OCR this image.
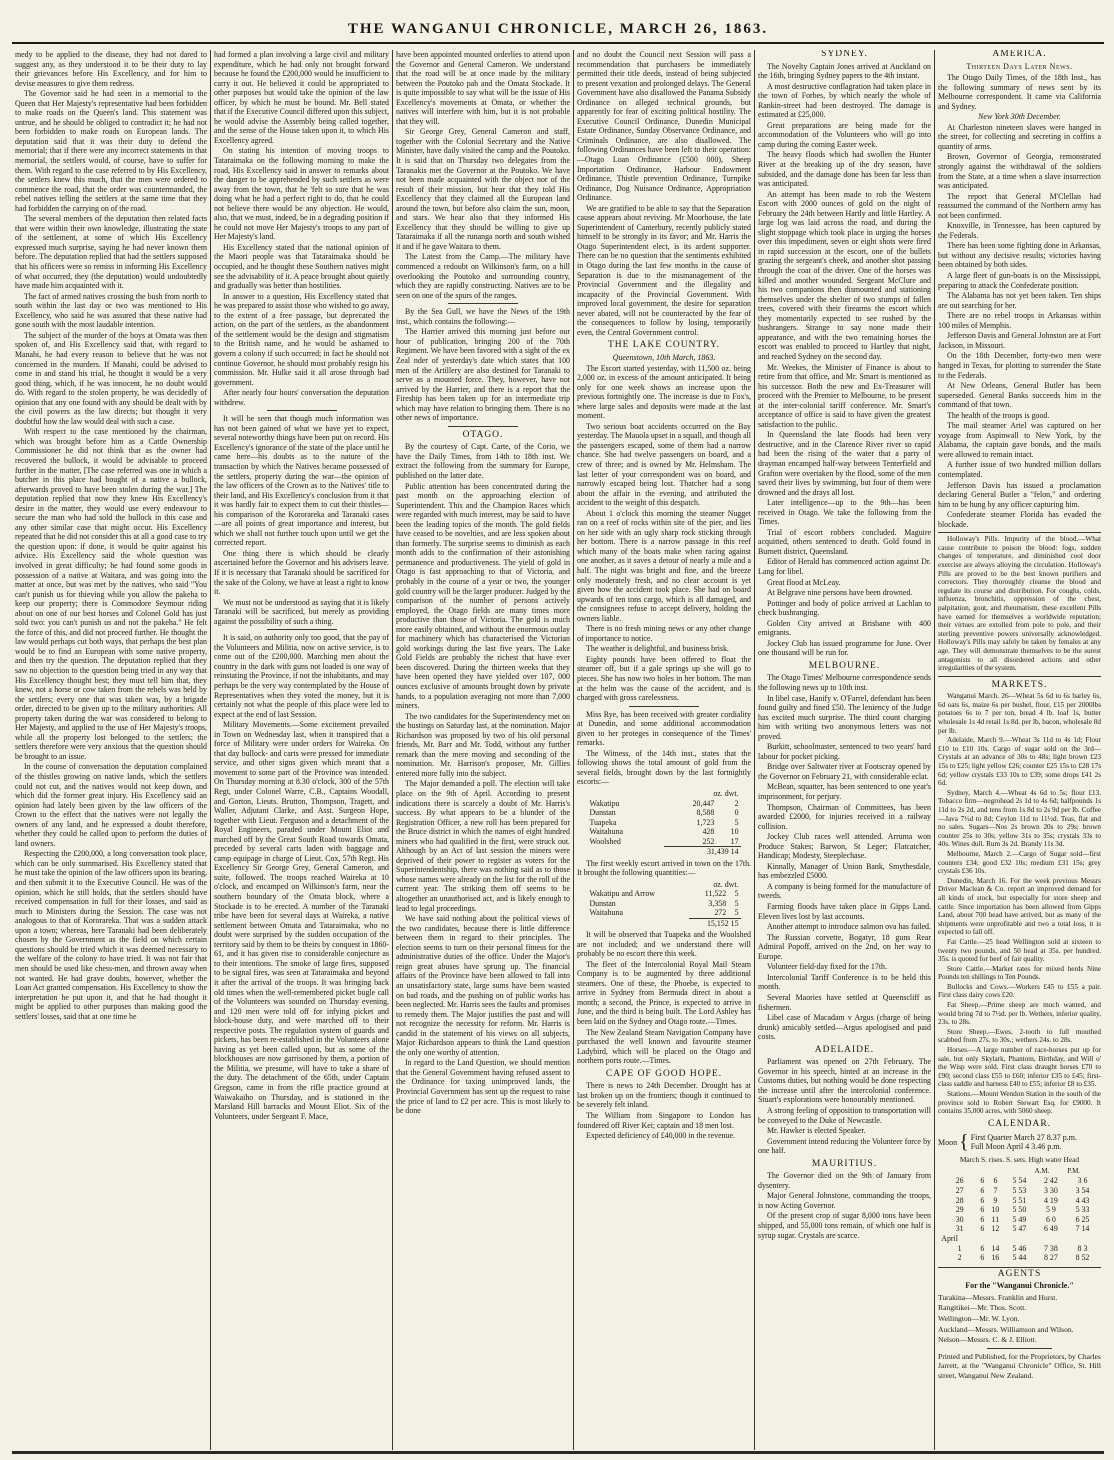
THE WANGANUI CHRONICLE, MARCH 26, 1863.

medy to be applied to the disease, they had not dared to suggest any, as they understood it to be their duty to lay their grievances before His Excellency, and for him to devise measures to give them redress.

The Governor said he had seen in a memorial to the Queen that Her Majesty's representative had been forbidden to make roads on the Queen's land. This statement was untrue, and he should be obliged to contradict it; he had not been forbidden to make roads on European lands. The deputation said that it was their duty to defend the memorial; that if there were any incorrect statements in that memorial, the settlers would, of course, have to suffer for them. With regard to the case referred to by His Excellency, the settlers knew this much, that the men were ordered to commence the road, that the order was countermanded, the rebel natives telling the settlers at the same time that they had forbidden the carrying on of the road.

The several members of the deputation then related facts that were within their own knowledge, illustrating the state of the settlement, at some of which His Excellency expressed much surprise, saying he had never known them before. The deputation replied that had the settlers supposed that his officers were so remiss in informing His Excellency of what occurred, they (the deputation) would undoubtedly have made him acquainted with it.

The fact of armed natives crossing the bush from north to south within the last day or two was mentioned to His Excellency, who said he was assured that these native had gone south with the most laudable intention.

The subject of the murder of the boys at Omata was then spoken of, and His Excellency said that, with regard to Manahi, he had every reason to believe that he was not concerned in the murders. If Manahi, could be advised to come in and stand his trial, he thought it would be a very good thing, which, if he was innocent, he no doubt would do. With regard to the stolen property, he was decidedly of opinion that any one found with any should be dealt with by the civil powers as the law directs; but thought it very doubtful how the law would deal with such a case.

With respect to the case mentioned by the chairman, which was brought before him as a Cattle Ownership Commissioner he did not think that as the owner had recovered the bullock, it would be advisable to proceed further in the matter, [The case referred was one in which a butcher in this place had bought of a native a bullock, afterwards proved to have been stolen during the war.] The deputation replied that now they knew His Excellency's desire in the matter, they would use every endeavour to secure the man who had sold the bullock in this case and any other similar case that might occur. His Excellency repeated that he did not consider this at all a good case to try the question upon: if done, it would be quite against his advice. His Excellency said the whole question was involved in great difficulty; he had found some goods in possession of a native at Waitara, and was going into the matter at once, but was met by the natives, who said "You can't punish us for thieving while you allow the pakeha to keep our property; there is Commodore Seymour riding about on one of our best horses and Colonel Gold has just sold two: you can't punish us and not the pakeha." He felt the force of this, and did not proceed further. He thought the law would perhaps cut both ways, that perhaps the best plan would be to find an European with some native property, and then try the question. The deputation replied that they saw no objection to the question being tried in any way that His Excellency thought best; they must tell him that, they knew, not a horse or cow taken from the rebels was held by the settlers; every one that was taken was, by a brigade order, directed to be given up to the military authorities. All property taken during the war was considered to belong to Her Majesty, and applied to the use of Her Majesty's troops, while all the property lost belonged to the settlers; the settlers therefore were very anxious that the question should be brought to an issue.

In the course of conversation the deputation complained of the thistles growing on native lands, which the settlers could not cut, and the natives would not keep down, and which did the former great injury. His Excellency said an opinion had lately been given by the law officers of the Crown to the effect that the natives were not legally the owners of any land, and he expressed a doubt therefore, whether they could be called upon to perform the duties of land owners.

Respecting the £200,000, a long conversation took place, which can be only summarised. His Excellency stated that he must take the opinion of the law officers upon its bearing, and then submit it to the Executive Council. He was of the opinion, which he still holds, that the settlers should have received compensation in full for their losses, and said as much to Ministers during the Session. The case was not analogous to that of Kororareka. That was a sudden attack upon a town; whereas, here Taranaki had been deliberately chosen by the Government as the field on which certain questions should be tried which it was deemed necessary to the welfare of the colony to have tried. It was not fair that men should be used like chess-men, and thrown away when not wanted. He had grave doubts, however, whether the Loan Act granted compensation. His Excellency to show the interpretation he put upon it, and that he had thought it might be applied to other purposes than making good the settlers' losses, said that at one time he

had formed a plan involving a large civil and military expenditure, which he had only not brought forward because he found the £200,000 would be insufficient to carry it out. He believed it could be appropriated to other purposes but would take the opinion of the law officer, by which he must be bound. Mr. Bell stated that if the Executive Council differed upon this subject, he would advise the Assembly being called together, and the sense of the House taken upon it, to which His Excellency agreed.

On stating his intention of moving troops to Tataraimaka on the following morning to make the road, His Excellency said in answer to remarks about the danger to be apprehended by such settlers as were away from the town, that he 'felt so sure that he was doing what he had a perfect right to do, that he could not believe there would be any objection. He would, also, that we must, indeed, be in a degrading position if he could not move Her Majesty's troops to any part of Her Majesty's land.

His Excellency stated that the national opinion of the Maori people was that Tataraimaka should be occupied, and he thought these Southern natives might see the advisability of it. A peace brought about quietly and gradually was better than hostilities.

In answer to a question, His Excellency stated that he was prepared to assist those who wished to go away, to the extent of a free passage, but deprecated the action, on the part of the settlers, as the abandonment of the settlement would be the design and stigmatism to the British name, and he would be ashamed to govern a colony if such occurred; in fact he should not continue Governor, he should most probably resign his commission. Mr. Hulke said it all arose through bad government.

After nearly four hours' conversation the deputation withdrew.

It will be seen that though much information was has not been gained of what we have yet to expect, several noteworthy things have been put on record. His Excellency's ignorance of the state of the place until he came here—his doubts as to the nature of the transaction by which the Natives became possessed of the settlers, property during the war—the opinion of the law officers of the Crown as to the Natives' title to their land, and His Excellency's conclusion from it that it was hardly fair to expect them to cut their thistles—his comparison of the Kororareka and Taranaki cases—are all points of great importance and interest, but which we shall not further touch upon until we get the corrected report.

One thing there is which should be clearly ascertained before the Governor and his advisers leave. If it is necessary that Taranaki should be sacrificed for the sake of the Colony, we have at least a right to know it.

We must not be understood as saying that it is likely Taranaki will be sacrificed, but merely as providing against the possibility of such a thing.

It is said, on authority only too good, that the pay of the Volunteers and Militia, now on active service, is to come out of the £200,000. Marching men about the country in the dark with guns not loaded is one way of reinstating the Province, if not the inhabitants, and may perhaps be the very way contemplated by the House of Representatives when they voted the money, but it is certainly not what the people of this place were led to expect at the end of last Session.

Military Movements.—Some excitement prevailed in Town on Wednesday last, when it transpired that a force of Military were under orders for Waireka. On that day bullock- and carts were pressed for immediate service, and other signs given which meant that a movement to some part of the Province was intended. On Thursday morning at 8.30 o'clock, 300 of the 57th Regt, under Colonel Warre, C.B., Captains Woodall, and Gorton, Lieuts. Brutton, Thompson, Tragett, and Waller, Adjutant Clarke, and Asst. Surgeon Hope, together with Lieut. Ferguson and a detachment of the Royal Engineers, paraded under Mount Eliot and marched off by the Great South Road towards Omata, preceded by several carts laden with baggage and camp equipage in charge of Lieut. Cox, 57th Regt. His Excellency Sir George Grey, General Cameron, and suite, followed. The troops reached Waireka at 10 o'clock, and encamped on Wilkinson's farm, near the southern boundary of the Omata block, where a Stockade is to be erected. A number of the Taranaki tribe have been for several days at Waireka, a native settlement between Omata and Tataraimaka, who no doubt were surprised by the sudden occupation of the territory said by them to be theirs by conquest in 1860-61, and it has given rise to considerable conjecture as to their intentions. The smoke of large fires, supposed to be signal fires, was seen at Tataraimaka and beyond it after the arrival of the troops. It was bringing back old times when the well-remembered picket bugle call of the Volunteers was sounded on Thursday evening, and 120 men were told off for infying picket and block-house duty, and were marched off to their respective posts. The regulation system of guards and pickets, has been re-established in the Volunteers alone having as yet been called upon, but as some of the blockhouses are now garrisoned by them, a portion of the Militia, we presume, will have to take a share of the duty. The detachment of the 65th, under Captain Gregson, came in from the rifle practice ground at Waiwakaiho on Thursday, and is stationed in the Marsland Hill barracks and Mount Eliot. Six of the Volunteers, under Sergeant F. Mace,

have been appointed mounted orderlies to attend upon the Governor and General Cameron. We understand that the road will be at once made by the military between the Poutoko pah and the Omata Stockade. It is quite impossible to say what will be the issue of His Excellency's movements at Omata, or whether the natives will interfere with him, but it is not probable that they will.

Sir George Grey, General Cameron and staff, together with the Colonial Secretary and the Native Minister, have daily visited the camp and the Poutoko. It is said that on Thursday two delegates from the Taranakis met the Governor at the Poutoko. We have not been made acquainted with the object nor of the result of their mission, but hear that they told His Excellency that they claimed all the European land around the town, but before also claim the sun, moon, and stars. We hear also that they informed His Excellency that they should be willing to give up Tataraimaka if all the runanga north and south wished it and if he gave Waitara to them.

The Latest from the Camp.—The military have commenced a redoubt on Wilkinson's farm, on a hill overlooking the Poutoko and surrounding country, which they are rapidly constructing. Natives are to be seen on one of the spurs of the ranges.

By the Sea Gull, we have the News of the 19th inst., which contains the following:—

The Harrier arrived this morning just before our hour of publication, bringing 200 of the 70th Regiment. We have been favored with a sight of the ex Zeal nder of yesterday's date which states that 100 men of the Artillery are also destined for Taranaki to serve as a mounted force. They, however, have not arrived by the Harrier, and there is a report that the Fireship has been taken up for an intermediate trip which may have relation to bringing them. There is no other news of importance.

OTAGO.

By the courtesy of Capt. Carte, of the Corio, we have the Daily Times, from 14th to 18th inst. We extract the following from the summary for Europe, published on the latter date.

Public attention has been concentrated during the past month on the approaching election of Superintendent. This and the Champion Races which were regarded with much interest, may be said to have been the leading topics of the month. The gold fields have ceased to be novelties, and are less spoken about than formerly. The surprise seems to diminish as each month adds to the confirmation of their astonishing permanence and productiveness. The yield of gold in Otago is fast approaching to that of Victoria, and probably in the course of a year or two, the younger gold country will be the larger producer. Judged by the comparison of the number of persons actively employed, the Otago fields are many times more productive than those of Victoria. The gold is much more easily obtained, and without the enormous outlay for machinery which has characterised the Victorian gold workings during the last five years. The Lake Gold Fields are probably the richest that have ever been discovered. During the thirteen weeks that they have been opened they have yielded over 107, 000 ounces exclusive of amounts brought down by private hands, to a population averaging not more than 7,000 miners.

The two candidates for the Superintendency met on the hustings on Saturday last, at the nomination. Major Richardson was proposed by two of his old personal friends, Mr. Barr and Mr. Todd, without any further remark than the mere moving and seconding of the nomination. Mr. Harrison's proposer, Mr. Gillies entered more fully into the subject.

The Major demanded a poll. The election will take place on the 9th of April. According to present indications there is scarcely a doubt of Mr. Harris's success. By what appears to be a blunder of the Registration Officer, a new roll has been prepared for the Bruce district in which the names of eight hundred miners who had qualified in the first, were struck out. Although by an Act of last session the miners were deprived of their power to register as voters for the Superintendentship, there was nothing said as to those whose names were already on the list for the roll of the current year. The striking them off seems to be altogether an unauthorised act, and is likely enough to lead to legal proceedings.

We have said nothing about the political views of the two candidates, because there is little difference between them in regard to their principles. The election seems to turn on their personal fitness for the administrative duties of the office. Under the Major's reign great abuses have sprung up. The financial affairs of the Province have been allowed to fall into an unsatisfactory state, large sums have been wasted on bad roads, and the pushing on of public works has been neglected. Mr. Harris sees the faults and promises to remedy them. The Major justifies the past and will not recognize the necessity for reform. Mr. Harris is candid in the statement of his views on all subjects, Major Richardson appears to think the Land question the only one worthy of attention.

In regard to the Land Question, we should mention that the General Government having refused assent to the Ordinance for taxing unimproved lands, the Provincial Government has sent up the request to raise the price of land to £2 per acre. This is most likely to be done

and no doubt the Council next Session will pass a recommendation that purchasers be immediately permitted their title deeds, instead of being subjected to present vexation and prolonged delays. The General Government have also disallowed the Panama Subsidy Ordinance on alleged technical grounds, but apparently for fear of exciting political hostility. The Executive Council Ordinance, Dunedin Municipal Estate Ordinance, Sunday Observance Ordinance, and Criminals Ordinance, are also disallowed. The following Ordinances have been left to their operation:—Otago Loan Ordinance (£500 000), Sheep Importation Ordinance, Harbour Endowment Ordinance, Thistle prevention Ordinance, Turnpike Ordinance, Dog Nuisance Ordinance, Appropriation Ordinance.

We are gratified to be able to say that the Separation cause appears about reviving. Mr Moorhouse, the late Superintendent of Canterbury, recently publicly stated himself to be strongly in its favor; and Mr. Harris the Otago Superintendent elect, is its ardent supporter. There can be no question that the sentiments exhibited in Otago during the last few months in the cause of Separation is due to the mismanagement of the Provincial Government and the illegality and incapacity of the Provincial Government. With improved local government, the desire for separation never abated, will not be counteracted by the fear of the consequences to follow by losing, temporarily even, the Central Government control.

THE LAKE COUNTRY.

Queenstown, 10th March, 1863.

The Escort started yesterday, with 11,500 oz. being 2,000 oz. in excess of the amount anticipated. It being only for one week shows an increase upon the previous fortnightly one. The increase is due to Fox's, where large sales and deposits were made at the last moment.

Two serious boat accidents occurred on the Bay yesterday. The Mauola upset in a squall, and though all the passengers escaped, some of them had a narrow chance. She had twelve passengers on board, and a crew of three; and is owned by Mr. Helmsham. The last letter of your correspondent was on board, and narrowly escaped being lost. Thatcher had a song about the affair in the evening, and attributed the accident to the weight of this despatch.

About 1 o'clock this morning the steamer Nugget ran on a reef of rocks within site of the pier, and lies on her side with an ugly sharp rock sticking through her bottom. There is a narrow passage in this reef which many of the boats make when racing against one another, as it saves a detour of nearly a mile and a half. The night was bright and fine, and the breeze only moderately fresh, and no clear account is yet given how the accident took place. She had on board upwards of ten tons cargo, which is all damaged, and the consignees refuse to accept delivery, holding the owners liable.

There is no fresh mining news or any other change of importance to notice.

The weather is delightful, and business brisk.

Eighty pounds have been offered to float the steamer off, but if a gale springs up she will go to pieces. She has now two holes in her bottom. The man at the helm was the cause of the accident, and is charged with gross carelessness.

Miss Rye, has been received with greater cordiality at Dunedin, and some additional accommodation given to her proteges in consequence of the Times' remarks.

The Witness, of the 14th inst., states that the following shows the total amount of gold from the several fields, brought down by the last fortnightly escorts:—

	oz. dwt.	
Wakatipu	20,447	2
Dunstan	8,588	0
Tuapeka	1,723	5
Waitahuna	428	10
Woolshed	252	17
	31,439 14	

The first weekly escort arrived in town on the 17th. It brought the following quantities:—

	oz. dwt.	
Wakatipu and Arrow	11,522	5
Dunstan	3,358	5
Waitahuna	272	5
	15,152 15	

It will be observed that Tuapeka and the Woolshed are not included; and we understand there will probably be no escort there this week.

The fleet of the Intercolonial Royal Mail Steam Company is to be augmented by three additional steamers. One of these, the Phoebe, is expected to arrive in Sydney from Bermuda direct in about a month; a second, the Prince, is expected to arrive in June, and the third is being built. The Lord Ashley has been laid on the Sydney and Otago route.—Times.

The New Zealand Steam Navigation Company have purchased the well known and favourite steamer Ladybird, which will be placed on the Otago and northern ports route.—Times.

CAPE OF GOOD HOPE.

There is news to 24th December. Drought has at last broken up on the frontiers; though it continued to be severely felt inland.

The William from Singapore to London has foundered off River Kei; captain and 18 men lost.

Expected deficiency of £40,000 in the revenue.

SYDNEY.

The Novelty Captain Jones arrived at Auckland on the 16th, bringing Sydney papers to the 4th instant.

A most destructive conflagration had taken place in the town of Forbes, by which nearly the whole of Rankin-street had been destroyed. The damage is estimated at £25,000.

Great preparations are being made for the accommodation of the Volunteers who will go into camp during the coming Easter week.

The heavy floods which had swollen the Hunter River at the breaking up of the dry season, have subsided, and the damage done has been far less than was anticipated.

An attempt has been made to rob the Western Escort with 2000 ounces of gold on the night of February the 24th between Hartly and little Hartley. A large log was laid across the road, and during the slight stoppage which took place in urging the horses over this impediment, seven or eight shots were fired in rapid succession at the escort, one of the bullets grazing the sergeant's cheek, and another shot passing through the coat of the driver. One of the horses was killed and another wounded. Sergeant McClure and his two companions then dismounted and stationing themselves under the shelter of two stumps of fallen trees, covered with their firearms the escort which they momentarily expected to see rushed by the bushrangers. Strange to say none made their appearance, and with the two remaining horses the escort was enabled to proceed to Hartley that night, and reached Sydney on the second day.

Mr. Weekes, the Minister of Finance is about to retire from that office, and Mr. Smart is mentioned as his successor. Both the new and Ex-Treasurer will proceed with the Premier to Melbourne, to be present at the inter-colonial tariff conference. Mr. Smart's acceptance of office is said to have given the greatest satisfaction to the public.

In Queensland the late floods had been very destructive, and in the Clarence River river so rapid had been the rising of the water that a party of drayman encamped half-way between Tenterfield and Grafton were overtaken by the flood, some of the men saved their lives by swimming, but four of them were drowned and the drays all lost.

Later intelligence—up to the 9th—has been received in Otago. We take the following from the Times.

Trial of escort robbers concluded. Maguire acquitted, others sentenced to death. Gold found in Burnett district, Queensland.

Editor of Herald has commenced action against Dr. Lang for libel.

Great flood at McLeay.

At Belgrave nine persons have been drowned.

Pottinger and body of police arrived at Lachlan to check bushranging.

Golden City arrived at Brisbane with 400 emigrants.

Jockey Club has issued programme for June. Over one thousand will be run for.

MELBOURNE.

The Otago Times' Melbourne correspondence sends the following news up to 10th inst.

In libel case, Hanify v. O'Farrel, defendant has been found guilty and fined £50. The leniency of the Judge has excited much surprise. The third count charging him with writing two anonymous letters was not proved.

Burkitt, schoolmaster, sentenced to two years' hard labour for pocket picking.

Bridge over Saltwater river at Footscray opened by the Governor on February 21, with considerable eclat.

McBean, squatter, has been sentenced to one year's imprisonment, for perjury.

Thompson, Chairman of Committees, has been awarded £2000, for injuries received in a railway collision.

Jockey Club races well attended. Arruma won Produce Stakes; Barwon, St Leger; Flatcatcher, Handicap; Modesty, Steeplechase.

Kinnally, Manager of Union Bank, Smythesdale, has embezzled £5000.

A company is being formed for the manufacture of tweeds.

Farming floods have taken place in Gipps Land. Eleven lives lost by last accounts.

Another attempt to introduce salmon ova has failed.

The Russian corvette, Bogatyr, 18 guns Rear Admiral Popoff, arrived on the 2nd, on her way to Europe.

Volunteer field-day fixed for the 17th.

Intercolonial Tariff Conference is to be held this month.

Several Maories have settled at Queenscliff as fishermen.

Libel case of Macadam v Argus (charge of being drunk) amicably settled—Argus apologised and paid costs.

ADELAIDE.

Parliament was opened on 27th February. The Governor in his speech, hinted at an increase in the Customs duties, but nothing would be done respecting the increase until after the intercolonial conference. Stuart's explorations were honourably mentioned.

A strong feeling of opposition to transportation will be conveyed to the Duke of Newcastle.

Mr. Hawker is elected Speaker.

Government intend reducing the Volunteer force by one half.

MAURITIUS.

The Governor died on the 9th of January from dysentery.

Major General Johnstone, commanding the troops, is now Acting Governor.

Of the present crop of sugar 8,000 tons have been shipped, and 55,000 tons remain, of which one half is syrup sugar. Crystals are scarce.

AMERICA.
Thirteen Days Later News.

The Otago Daily Times, of the 18th Inst., has the following summary of news sent by its Melbourne correspondent. It came via California and Sydney.

New York 30th December.

At Charleston nineteen slaves were hanged in the street, for collecting and secreting in coffins a quantity of arms.

Brown, Governor of Georgia, remonstrated strongly against the withdrawal of the soldiers from the State, at a time when a slave insurrection was anticipated.

The report that General M'Clellan had reassumed the command of the Northern army has not been confirmed.

Knoxville, in Tennessee, has been captured by the Federals.

There has been some fighting done in Arkansas, but without any decisive results; victories having been obtained by both sides.

A large fleet of gun-boats is on the Mississippi, preparing to attack the Confederate position.

The Alabama has not yet been taken. Ten ships are out searching for her.

There are no rebel troops in Arkansas within 100 miles of Memphis.

Jefferson Davis and General Johnston are at Fort Jackson, in Missouri.

On the 18th December, forty-two men were hanged in Texas, for plotting to surrender the State to the Federals.

At New Orleans, General Butler has been superseded. General Banks succeeds him in the command of that town.

The health of the troops is good.

The mail steamer Ariel was captured on her voyage from Aspinwall to New York, by the Alabama, the captain gave bonds, and the mails were allowed to remain intact.

A further issue of two hundred million dollars contemplated.

Jefferson Davis has issued a proclamation declaring General Butler a "felon," and ordering him to be hung by any officer capturing him.

Confederate steamer Florida has evaded the blockade.

Holloway's Pills. Impurity of the blood.—What cause contribute to poison the blood: fogs, sudden changes of temperature, and diminished cool door exercise are always alloying the circulation. Holloway's Pills are proved to be the best known purifiers and correctors. They thoroughly cleanse the blood and regulate its course and distribution. For coughs, colds, influenza, bronchitis, oppression of the chest, palpitation, gout, and rheumatism, these excellent Pills have earned for themselves a worldwide reputation; their virtues are extolled from pole to pole, and their sterling preventive powers universally acknowledged. Holloway's Pills may safely be taken by females at any age. They will demonstrate themselves to be the surest antagonists to all disordered actions and other irregularities of the system.

MARKETS.

Wanganui March. 26—Wheat 5s 6d to 6s barley 6s, 6d oats 6s, maize 6s per bushel, flour, £15 per 2000lbs potatoes 6s to 7 per ton, bread 4 lb. loaf 1s, butter wholesale 1s 4d retail 1s 8d. per lb, bacon, wholesale 8d per lb.

Adelaide, March 9.—Wheat 3s 11d to 4s 1d; Flour £10 to £10 10s. Cargo of sugar sold on the 3rd—Crystals at an advance of 30s to 48s; light brown £23 15s to £25; light yellow £26; counter £25 15s to £28 17s 6d; yellow crystals £33 10s to £39; some drops £41 2s 6d.

Sydney, March 4.—Wheat 4s 6d to 5s; flour £13. Tobacco firm—negrohead 2s 1d to 4s 6d; halfpounds 1s 11d to 2s 2d, and tens from 1s 8d to 2s 9d per lb. Coffee—Java 7½d to 8d; Ceylon 11d to 11½d. Teas, flat and no sales. Sugars—Nos 2s brown 20s to 29s; brown counter 25s to 30s; yellow 31s to 35s; crystals 33s to 40s. Wines dull. Rum 3s 2d. Brandy 11s 3d.

Melbourne, March 2.—Cargo of Sugar sold—first counters £34; good £32 10s; medium £31 15s; grey crystals £36 10s.

Dunedin, March 16. For the week previous Messrs Driver Maclean & Co. report an improved demand for all kinds of stock, but especially for store sheep and cattle. Since importation has been allowed from Gipps Land, about 700 head have arrived, but as many of the shipments were unprofitable and two a total loss, it is expected to fall off.

Fat Cattle.—25 head Wellington sold at sixteen to twenty two pounds, and 50 head at 35s. per hundred. 35s. is quoted for beef of fair quality.

Store Cattle.—Market rates for mixed herds Nine Pounds ten shillings to Ten Pounds.

Bullocks and Cows.—Workers £45 to £55 a pair. First class dairy cows £20.

Fat Sheep.—Prime sheep are much wanted, and would bring 7d to 7½d. per lb. Wethers, inferior quality, 23s. to 28s.

Store Sheep.—Ewes, 2-tooth to full mouthed scabbed from 27s. to 30s.; wethers 24s. to 28s.

Horses.—A large number of race-horses put up for sale, but only Skylark, Phantom, Birthday, and Will o' the Wisp were sold. First class draught horses £70 to £90; second class £55 to £60; inferior £35 to £45; first-class saddle and harness £40 to £55; inferior £8 to £35.

Stations.—Mount Wendon Station in the south of the province sold to Robert Stewart Esq. for £9000. It contains 35,000 acres, with 5060 sheep.

CALENDAR.
Moon { First Quarter March 27 8.37 p.m.
Full Moon April 4 3.46 p.m.
March S. rises. S. sets. High water Head
				A.M.	P.M.
26	6	6	5 54	2 42	3 6
27	6	7	5 53	3 30	3 54
28	6	9	5 51	4 19	4 43
29	6	10	5 50	5 9	5 33
30	6	11	5 49	6 0	6 25
31	6	12	5 47	6 49	7 14
April					
1	6	14	5 46	7 38	8 3
2	6	16	5 44	8 27	8 52
AGENTS
For the "Wanganui Chronicle."

Turakina—Messrs. Franklin and Hurst.

Rangitikei—Mr. Thos. Scott.

Wellington—Mr. W. Lyon.

Auckland—Messrs. Williamson and Wilson.

Nelson—Messrs. C. & J. Elliott.

Printed and Published, for the Proprietors, by Charles Jarrett, at the "Wanganui Chronicle" Office, St. Hill street, Wanganui New Zealand.
